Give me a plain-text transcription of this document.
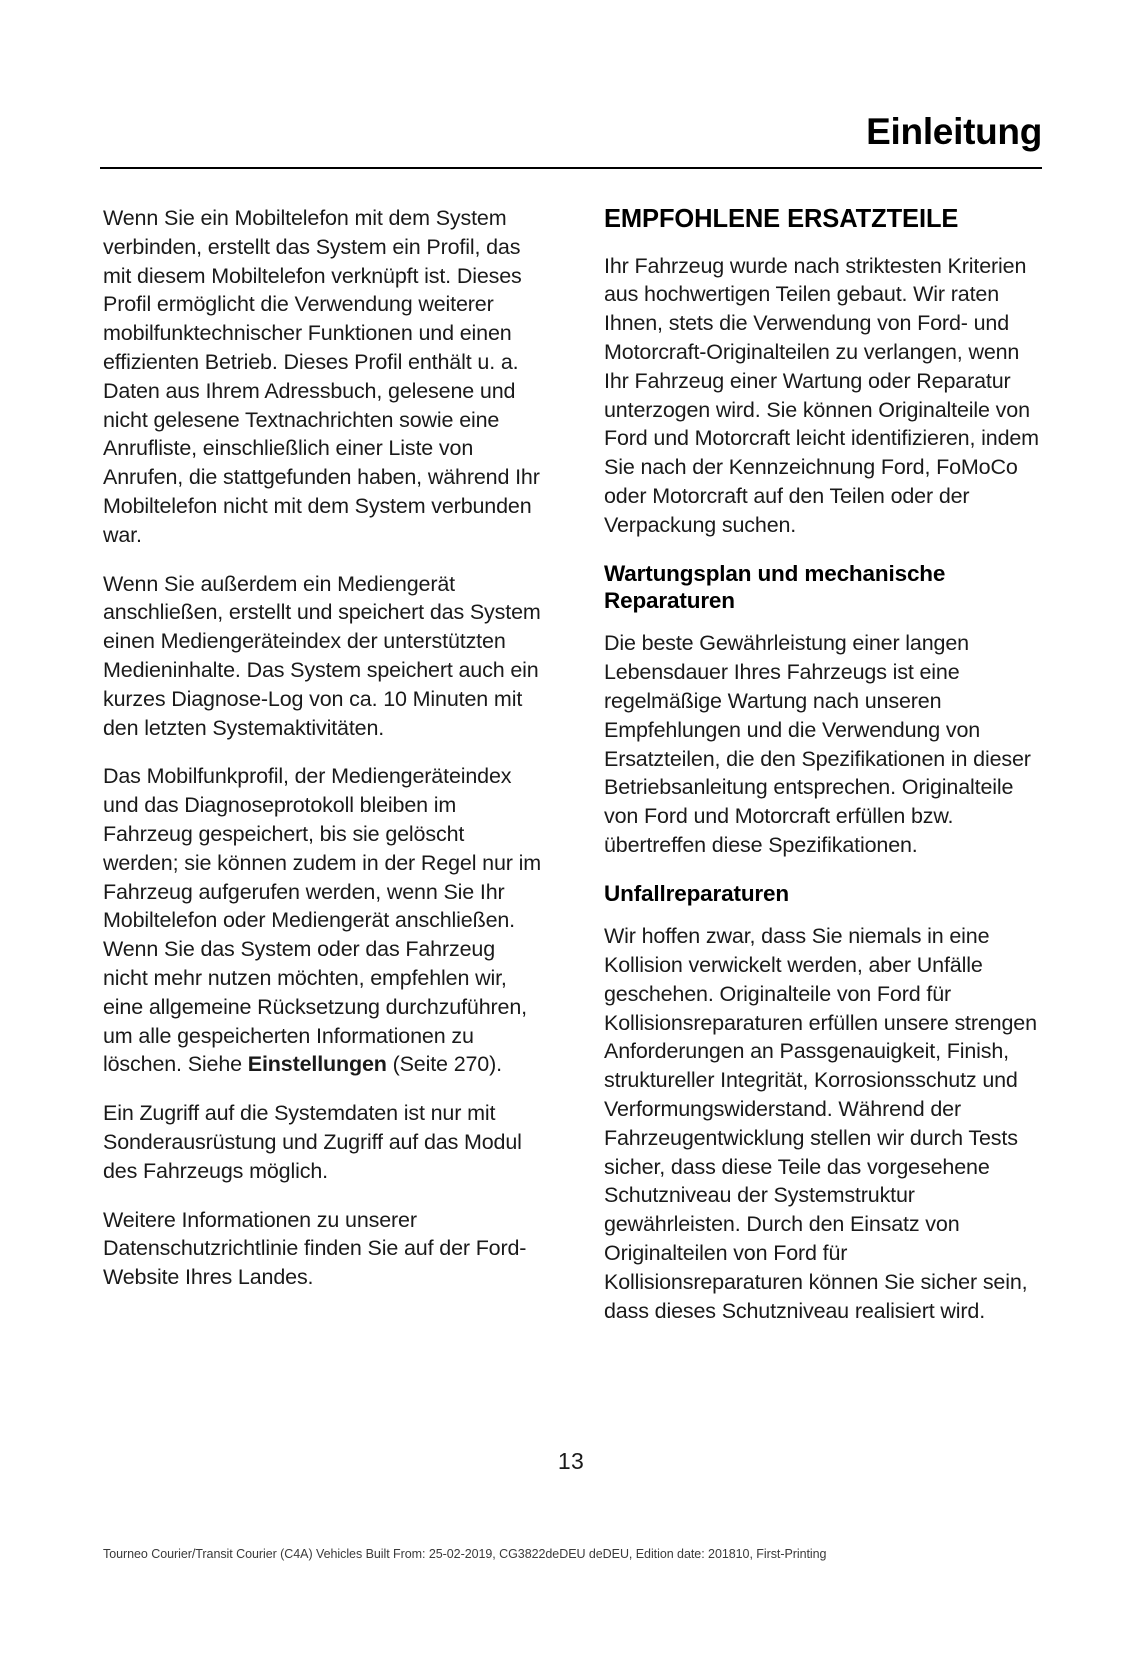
Einleitung

Wenn Sie ein Mobiltelefon mit dem System verbinden, erstellt das System ein Profil, das mit diesem Mobiltelefon verknüpft ist. Dieses Profil ermöglicht die Verwendung weiterer mobilfunktechnischer Funktionen und einen effizienten Betrieb. Dieses Profil enthält u. a. Daten aus Ihrem Adressbuch, gelesene und nicht gelesene Textnachrichten sowie eine Anrufliste, einschließlich einer Liste von Anrufen, die stattgefunden haben, während Ihr Mobiltelefon nicht mit dem System verbunden war.

Wenn Sie außerdem ein Mediengerät anschließen, erstellt und speichert das System einen Mediengeräteindex der unterstützten Medieninhalte. Das System speichert auch ein kurzes Diagnose-Log von ca. 10 Minuten mit den letzten Systemaktivitäten.

Das Mobilfunkprofil, der Mediengeräteindex und das Diagnoseprotokoll bleiben im Fahrzeug gespeichert, bis sie gelöscht werden; sie können zudem in der Regel nur im Fahrzeug aufgerufen werden, wenn Sie Ihr Mobiltelefon oder Mediengerät anschließen. Wenn Sie das System oder das Fahrzeug nicht mehr nutzen möchten, empfehlen wir, eine allgemeine Rücksetzung durchzuführen, um alle gespeicherten Informationen zu löschen. Siehe Einstellungen (Seite 270).

Ein Zugriff auf die Systemdaten ist nur mit Sonderausrüstung und Zugriff auf das Modul des Fahrzeugs möglich.

Weitere Informationen zu unserer Datenschutzrichtlinie finden Sie auf der Ford-Website Ihres Landes.

EMPFOHLENE ERSATZTEILE

Ihr Fahrzeug wurde nach striktesten Kriterien aus hochwertigen Teilen gebaut. Wir raten Ihnen, stets die Verwendung von Ford- und Motorcraft-Originalteilen zu verlangen, wenn Ihr Fahrzeug einer Wartung oder Reparatur unterzogen wird. Sie können Originalteile von Ford und Motorcraft leicht identifizieren, indem Sie nach der Kennzeichnung Ford, FoMoCo oder Motorcraft auf den Teilen oder der Verpackung suchen.

Wartungsplan und mechanische Reparaturen

Die beste Gewährleistung einer langen Lebensdauer Ihres Fahrzeugs ist eine regelmäßige Wartung nach unseren Empfehlungen und die Verwendung von Ersatzteilen, die den Spezifikationen in dieser Betriebsanleitung entsprechen. Originalteile von Ford und Motorcraft erfüllen bzw. übertreffen diese Spezifikationen.

Unfallreparaturen

Wir hoffen zwar, dass Sie niemals in eine Kollision verwickelt werden, aber Unfälle geschehen. Originalteile von Ford für Kollisionsreparaturen erfüllen unsere strengen Anforderungen an Passgenauigkeit, Finish, struktureller Integrität, Korrosionsschutz und Verformungswiderstand. Während der Fahrzeugentwicklung stellen wir durch Tests sicher, dass diese Teile das vorgesehene Schutzniveau der Systemstruktur gewährleisten. Durch den Einsatz von Originalteilen von Ford für Kollisionsreparaturen können Sie sicher sein, dass dieses Schutzniveau realisiert wird.

13
Tourneo Courier/Transit Courier (C4A) Vehicles Built From: 25-02-2019, CG3822deDEU deDEU, Edition date: 201810, First-Printing
